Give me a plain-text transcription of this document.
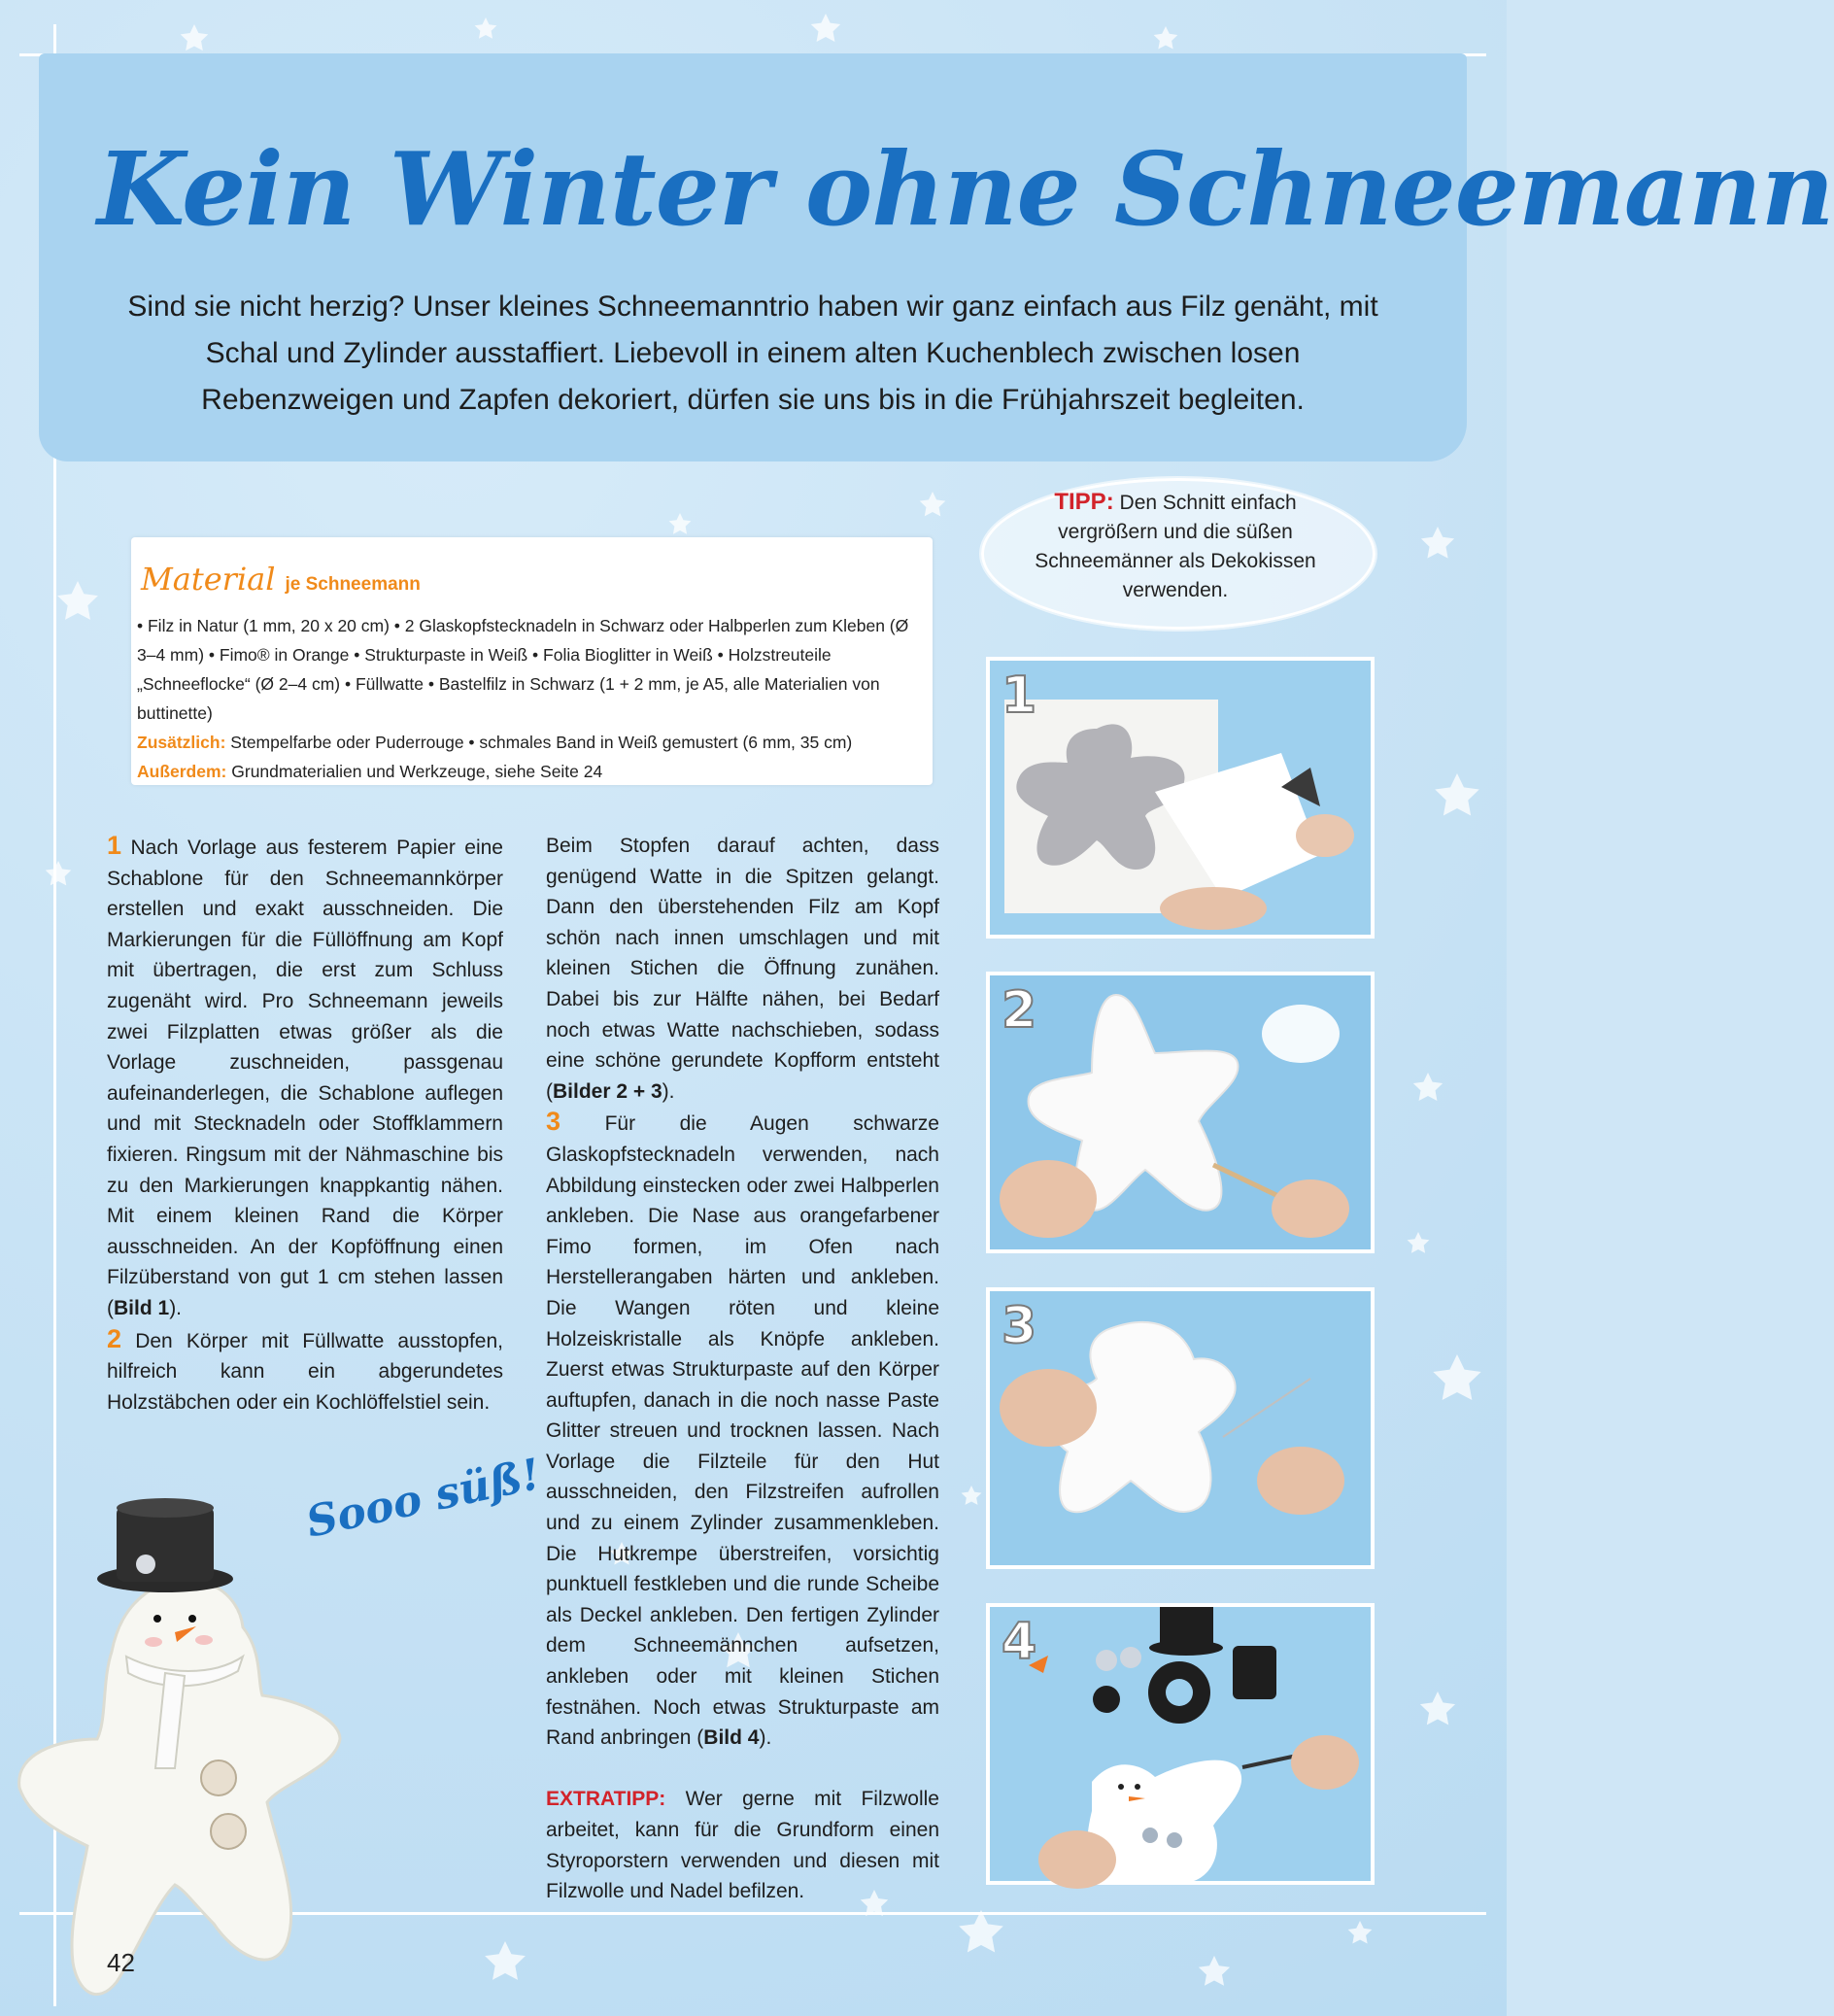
Kein Winter ohne Schneemann
Sind sie nicht herzig? Unser kleines Schneemanntrio haben wir ganz einfach aus Filz genäht, mit Schal und Zylinder ausstaffiert. Liebevoll in einem alten Kuchenblech zwischen losen Rebenzweigen und Zapfen dekoriert, dürfen sie uns bis in die Frühjahrszeit begleiten.
TIPP: Den Schnitt einfach vergrößern und die süßen Schneemänner als Dekokissen verwenden.
Material je Schneemann
• Filz in Natur (1 mm, 20 x 20 cm) • 2 Glaskopfstecknadeln in Schwarz oder Halbperlen zum Kleben (Ø 3–4 mm) • Fimo® in Orange • Strukturpaste in Weiß • Folia Bioglitter in Weiß • Holzstreuteile „Schneeflocke“ (Ø 2–4 cm) • Füllwatte • Bastelfilz in Schwarz (1 + 2 mm, je A5, alle Materialien von buttinette)
Zusätzlich: Stempelfarbe oder Puderrouge • schmales Band in Weiß gemustert (6 mm, 35 cm)
Außerdem: Grundmaterialien und Werkzeuge, siehe Seite 24
1 Nach Vorlage aus festerem Papier eine Schablone für den Schneemannkörper erstellen und exakt ausschneiden. Die Markierungen für die Füllöffnung am Kopf mit übertragen, die erst zum Schluss zugenäht wird. Pro Schneemann jeweils zwei Filzplatten etwas größer als die Vorlage zuschneiden, passgenau aufeinanderlegen, die Schablone auflegen und mit Stecknadeln oder Stoffklammern fixieren. Ringsum mit der Nähmaschine bis zu den Markierungen knappkantig nähen. Mit einem kleinen Rand die Körper ausschneiden. An der Kopföffnung einen Filzüberstand von gut 1 cm stehen lassen (Bild 1).
2 Den Körper mit Füllwatte ausstopfen, hilfreich kann ein abgerundetes Holzstäbchen oder ein Kochlöffelstiel sein.
Beim Stopfen darauf achten, dass genügend Watte in die Spitzen gelangt. Dann den überstehenden Filz am Kopf schön nach innen umschlagen und mit kleinen Stichen die Öffnung zunähen. Dabei bis zur Hälfte nähen, bei Bedarf noch etwas Watte nachschieben, sodass eine schöne gerundete Kopfform entsteht (Bilder 2 + 3).
3 Für die Augen schwarze Glaskopfstecknadeln verwenden, nach Abbildung einstecken oder zwei Halbperlen ankleben. Die Nase aus orangefarbener Fimo formen, im Ofen nach Herstellerangaben härten und ankleben. Die Wangen röten und kleine Holzeiskristalle als Knöpfe ankleben. Zuerst etwas Strukturpaste auf den Körper auftupfen, danach in die noch nasse Paste Glitter streuen und trocknen lassen. Nach Vorlage die Filzteile für den Hut ausschneiden, den Filzstreifen aufrollen und zu einem Zylinder zusammenkleben. Die Hutkrempe überstreifen, vorsichtig punktuell festkleben und die runde Scheibe als Deckel ankleben. Den fertigen Zylinder dem Schneemännchen aufsetzen, ankleben oder mit kleinen Stichen festnähen. Noch etwas Strukturpaste am Rand anbringen (Bild 4).

EXTRATIPP: Wer gerne mit Filzwolle arbeitet, kann für die Grundform einen Styroporstern verwenden und diesen mit Filzwolle und Nadel befilzen.
1
2
3
4
Sooo süß!
42
